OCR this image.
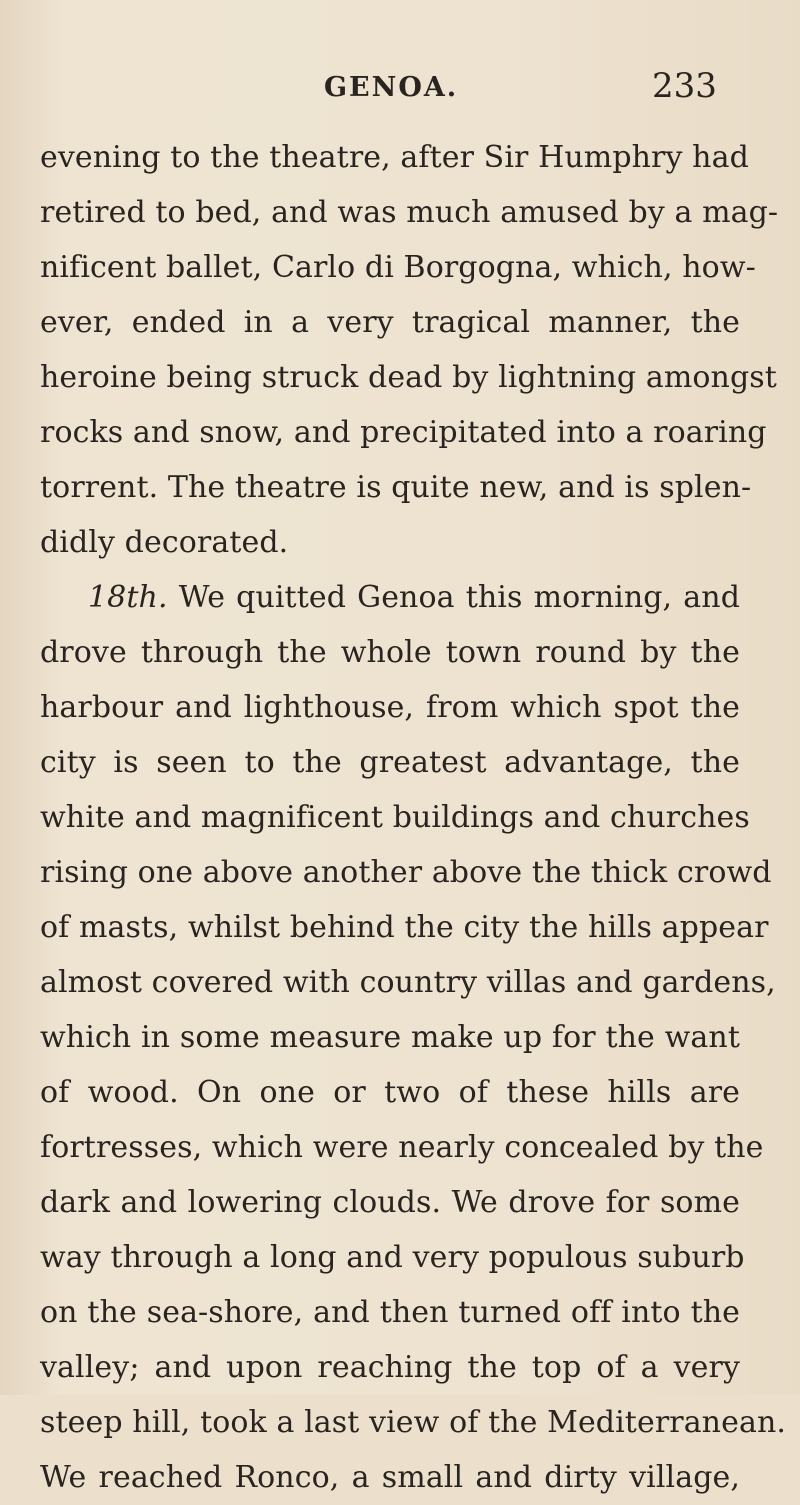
GENOA.	233
evening to the theatre, after Sir Humphry had
retired to bed, and was much amused by a mag-
nificent ballet, Carlo di Borgogna, which, how-
ever, ended in a very tragical manner, the
heroine being struck dead by lightning amongst
rocks and snow, and precipitated into a roaring
torrent. The theatre is quite new, and is splen-
didly decorated.
18th. We quitted Genoa this morning, and
drove through the whole town round by the
harbour and lighthouse, from which spot the
city is seen to the greatest advantage, the
white and magnificent buildings and churches
rising one above another above the thick crowd
of masts, whilst behind the city the hills appear
almost covered with country villas and gardens,
which in some measure make up for the want
of wood. On one or two of these hills are
fortresses, which were nearly concealed by the
dark and lowering clouds. We drove for some
way through a long and very populous suburb
on the sea-shore, and then turned off into the
valley; and upon reaching the top of a very
steep hill, took a last view of the Mediterranean.
We reached Ronco, a small and dirty village,
